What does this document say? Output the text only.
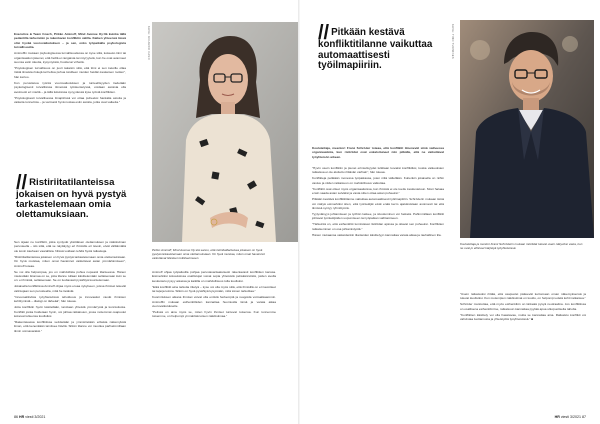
Executive & Team Coach, Pirkko Aminoff, Mind Avenue Oy:llä kuinka tällä pedantilla tarkemmin ja rakentavan konfliktin valilla. Kaiken yhteensä tässä olisi hyvää vuorovaikutuksen – ja sen, onko työpaikalla psykologista turvallisuutta.

Aminoffin mukaan psykologisessa turvallisuudessa on kyse siitä, kokeeko tiimi tai organisaation jäsenet, että heillä ei rangaista tai nöyryytetä, kun he ovat avanneet suunsa esiin ideoita, kysymyksiä, huolia tai virheitä.

”Psykologisen turvallisuus on juuri takaisin siitä, että tiimi ei sen ketoille ollaa riskiä ilmaista riskejä tai hellua puhua toisilleen muiden heidän keskeisen roolien”, hän kertoo.

Kun perustietoa työntä vuorovaikutuksen ja tunteellisyyden tiedetään psykologisesti turvallisissa tiimeissä työskentelyssä, voidaan asioista olla avoimesti eri mieltä – ja tällä lukuisissa syvyydessä kyse työstä konfliktien.

”Psykologisesti turvallisessa ilmapiirissä voi ottaa puheeksi hankalia asioita ja vaikeita tunnelmia – ja varmasti hyvä nostaa esiin asioita, jotka ovat vaikeita.”

// Ristiriitatilanteissa jokaisen on hyvä pystyä tarkastelemaan omia olettamuksiaan.

Sen sijaan ne konfliktit, jotka syntyvät yksittäisen olettamuksen ja näkökulman perusteella – siis siitä, että se näyttäytyy eri ihmisille eri tavoin, eivät välttämättä ole kovin kauhean vaarallisia. Niissä voidaan tehdä hyviä ratkaisuja.

”Ristiriitatilanteissa jokaisen on hyvä pystyä tarkastelemaan omia olettamuksiaan. On hyvä muistaa, miten omat havainnot vaikuttavat asian ymmärtämiseen”, Aminoff toteaa.

Se voi olla helpompaa, jos on mahdollista puhua nopeasti tilanteessa. Hänen mielestään ikiomaa on se, jotta tilanne tullaan käsittelemään sellaisenaan kuin se on: ei ihmistä, sellaisenaan. Se on luultavasti pysähtyä kuuntelemaan.

Jokaisella konfliktissa Aminoff ohjaa myös eroaa nykyiseen, joissa ihmiset tekevät valintojaan sen perusteella, mitä he tietävät.

”Innovoaktiivisia työyhteisöissä tehokkuus ja innovaatiot vievät ihmisten kehittymistä – dialogi on tärkeää”, hän toteaa.

Jotta konfliktin hyvin käsitellään, tarvitaan yhteistä ymmärrystä ja kunnioitusta. Konflikti jonka hoidetaan hyvin, voi johtaa ratkaisuun, jossa molemmat osapuolet kokevat tulleensa kuulluiksi.

”Rakentavassa konfliktissa selvitetään ja ymmärretään erilaisia näkemyksiä ilman, että kenenkään tarvitsee hävitä. Silloin tilanne voi muuttua parhaimmillaan tiimin voimavaraksi.”

KUVA: RICARDO CANO
Pirkko Aminoff, Mind Avenue Oy:stä sanoo, että ristiriitatilanteissa jokaisen on hyvä pystyä tarkastelemaan omia olettamuksiaan. On hyvä muistaa, miten omat havainnot vaikuttavat tilanteen tulkitsemiseen.

Aminoff ohjaa työpaikoilla pohjaa perustavanlaatuisesti rakentavasti konfliktien kanssa. Esimerkiksi kokouksissa osallistujat voivat sopia yhteisistä pelisäännöistä, joiden avulla keskustelu pysyy asiassa ja kaikilla on mahdollisuus tulla kuulluksi.

”Eikä konfliktit aina tarkoita riitelyä – kyse voi olla myös siitä, että ihmisillä on eri tavoitteet tai tapoja toimia. Silloin on hyvä pysähtyä kysymään, mitä toinen tarkoittaa.”

Kuormituksen aikana ihmiset voivat olla entistä herkempiä ja reagoida voimakkaammin. Aminoffin mukaan esihenkilöiden kannattaa huomioida tämä ja varata aikaa vuorovaikutukselle.

”Pelissä on aina myös se, miten hyvin ihmiset tuntevat toisensa. Kun tunnemme toisemme, on helpompi ymmärtää toisen näkökulmaa.”

86 HR viesti 3/2021
// Pitkään kestävä konfliktitilanne vaikuttaa automaattisesti työilmapiiriin.
KUVA: TIMO TUOMINEN

Koulutettaja, meentori Franz Schröder toteaa, että konfliktit ilmenevät siinä vaiheessa organisaatiota, kun ristiriidat ovat eskaloituneet niin pitkälle, että ne vaikuttavat työyhteisön arkeen.

”Hyvin usein konfliktin ja pienet erimielisyydet tulkitaan kovaksi konfliktiksi, koska vaikeuksien ratkaisua ei ole aloitettu riittävän varhain”, hän toteaa.

Konflikteja pelätään monessa työpaikassa, joten niitä vältellään. Kuitenkin jokaisella on niihin vastuu ja niiden ratkaisuun on mahdollisuus vaikuttaa.

”Konfliktit ovat olleet myös organisaatioissa, kun ihmisiä ei ole tuettu keskusteluun. Moni haluaa ensin saada asian selväksi ja vasta sitten ottaa asian puheeksi.”

Pitkään kestävä konfliktitilanne vaikuttaa automaattisesti työilmapiiriin. Schröderin mukaan tämä voi näkyä esimerkiksi siten, että työntekijät eivät enää kerro ajatuksistaan avoimesti tai että tiimissä syntyy ryhmittymiä.

Tyytyväisyys johtamiseen ja työhön laskee, ja sitoutuminen voi heiketä. Pahimmillaan konfliktit johtavat työntekijöiden uupumiseen tai työpaikan vaihtamiseen.

”Tärkeintä on, että esihenkilöt tunnistavat ristiriidan ajoissa ja ottavat sen puheeksi. Konfliktien ratkaiseminen on osa johtamistyötä.”

Hänen mukaansa vaikeidenkin tilanteiden käsittelyyn kannattaa varata aikaa ja rauhallinen tila.

Koulutettaja ja mentori Franz Schröderin mukaan ristiriidat tulevat usein näkyviksi vasta, kun ne ovat jo ehtineet kärjistyä työyhteisössä.

”Usein ratkaisuksi riittää, että osapuolet pääsevät kertomaan oman näkemyksensä ja tulevat kuulluiksi. Kun molempien näkökulmat on kuultu, on helpompi edetä kohti ratkaisua.”

Schröder muistuttaa, että myös esihenkilön on tärkeää pysyä neutraalina. Jos konfliktissa on osallisena esihenkilö itse, ratkaisuun kannattaa pyytää apua ulkopuoliselta taholta.

”Konfliktien käsittely voi olla haastavaa, mutta se kannattaa aina. Ratkaistu konflikti voi vahvistaa luottamusta ja yhteistyötä työyhteisössä.” ■

HR viesti 3/2021 87
